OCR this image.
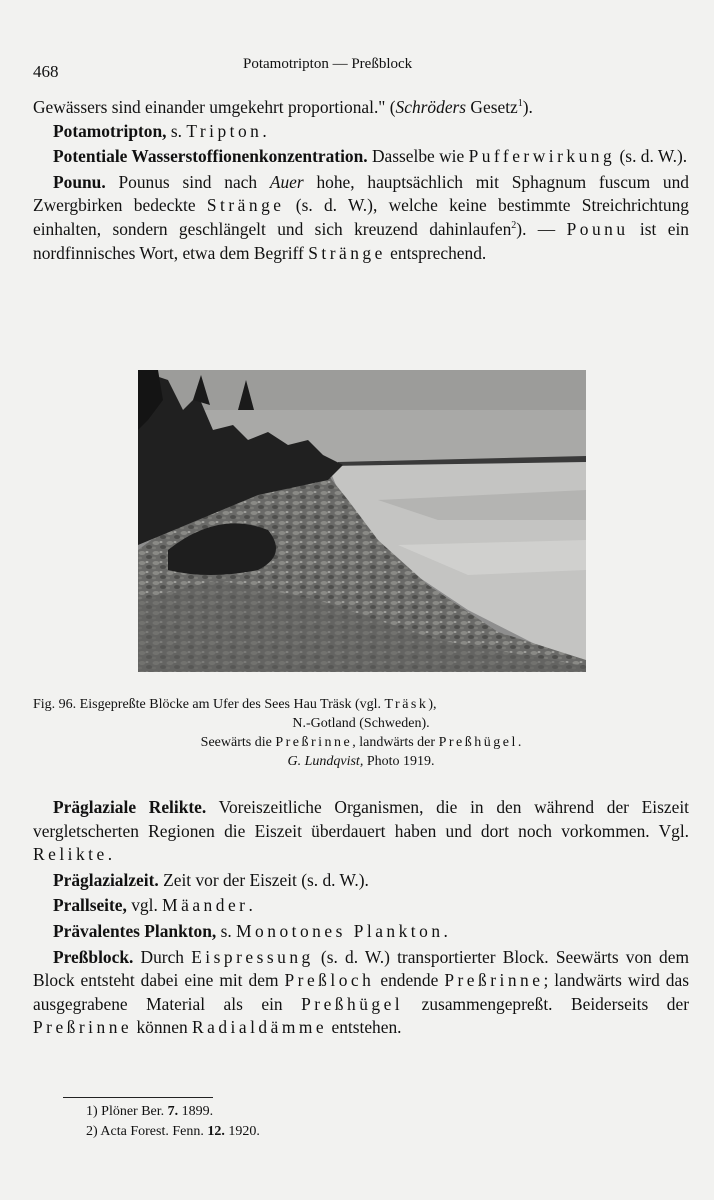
468	Potamotripton — Preßblock

Gewässers sind einander umgekehrt proportional." (Schröders Gesetz$^1$).

Potamotripton, s. Tripton.

Potentiale Wasserstoffionenkonzentration. Dasselbe wie Pufferwirkung (s. d. W.).

Pounu. Pounus sind nach Auer hohe, hauptsächlich mit Sphagnum fuscum und Zwergbirken bedeckte Stränge (s. d. W.), welche keine bestimmte Streichrichtung einhalten, sondern geschlängelt und sich kreuzend dahinlaufen$^2$). — Pounu ist ein nordfinnisches Wort, etwa dem Begriff Stränge entsprechend.

Fig. 96. Eisgepreßte Blöcke am Ufer des Sees Hau Träsk (vgl. Träsk),
N.-Gotland (Schweden).
Seewärts die Preßrinne, landwärts der Preßhügel.
G. Lundqvist, Photo 1919.

Präglaziale Relikte. Voreiszeitliche Organismen, die in den während der Eiszeit vergletscherten Regionen die Eiszeit überdauert haben und dort noch vorkommen. Vgl. Relikte.

Präglazialzeit. Zeit vor der Eiszeit (s. d. W.).

Prallseite, vgl. Mäander.

Prävalentes Plankton, s. Monotones Plankton.

Preßblock. Durch Eispressung (s. d. W.) transportierter Block. Seewärts von dem Block entsteht dabei eine mit dem Preßloch endende Preßrinne; landwärts wird das ausgegrabene Material als ein Preßhügel zusammengepreßt. Beiderseits der Preßrinne können Radialdämme entstehen.

1) Plöner Ber. 7. 1899.
2) Acta Forest. Fenn. 12. 1920.
